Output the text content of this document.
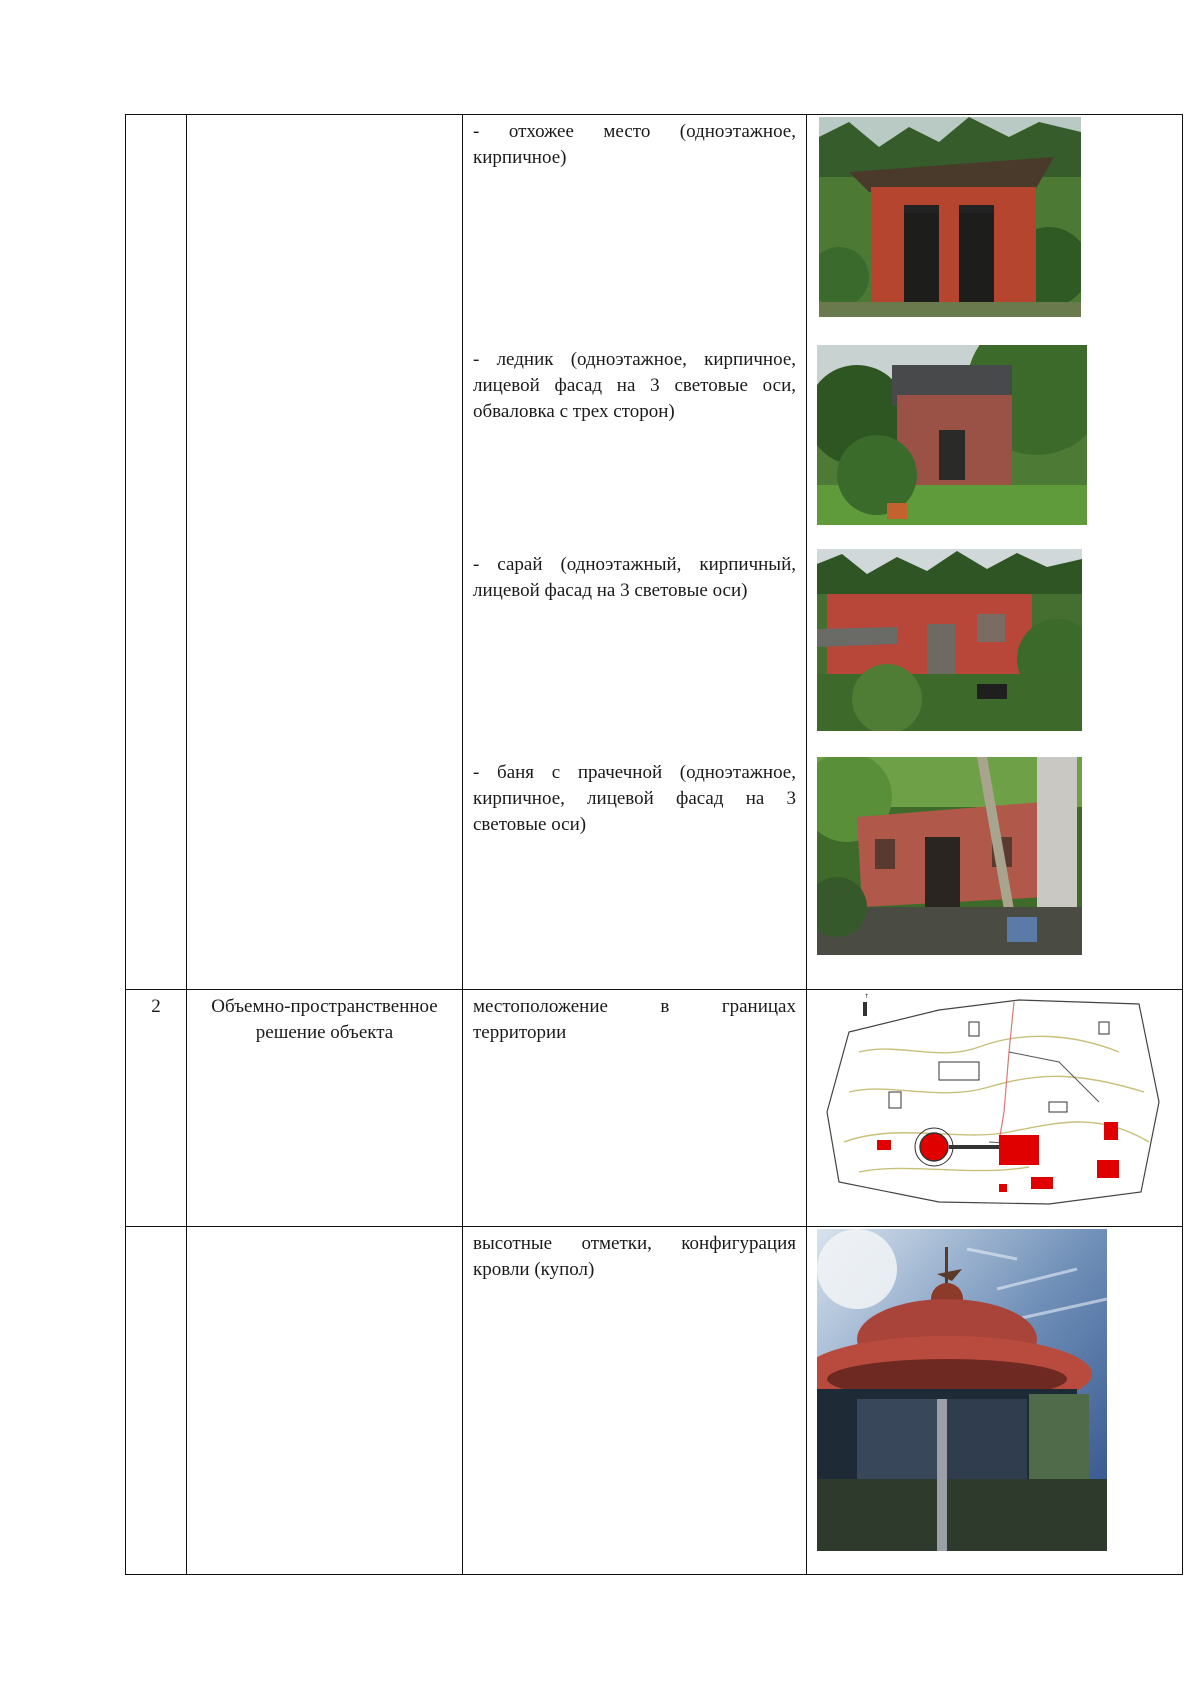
		- отхожее место (одноэтажное, кирпичное)
- ледник (одноэтажное, кирпичное, лицевой фасад на 3 световые оси, обваловка с трех сторон)
- сарай (одноэтажный, кирпичный, лицевой фасад на 3 световые оси)
- баня с прачечной (одноэтажное, кирпичное, лицевой фасад на 3 световые оси)

2	Объемно-пространственное решение объекта	местоположение в границах территории	↑

		высотные отметки, конфигурация кровли (купол)
